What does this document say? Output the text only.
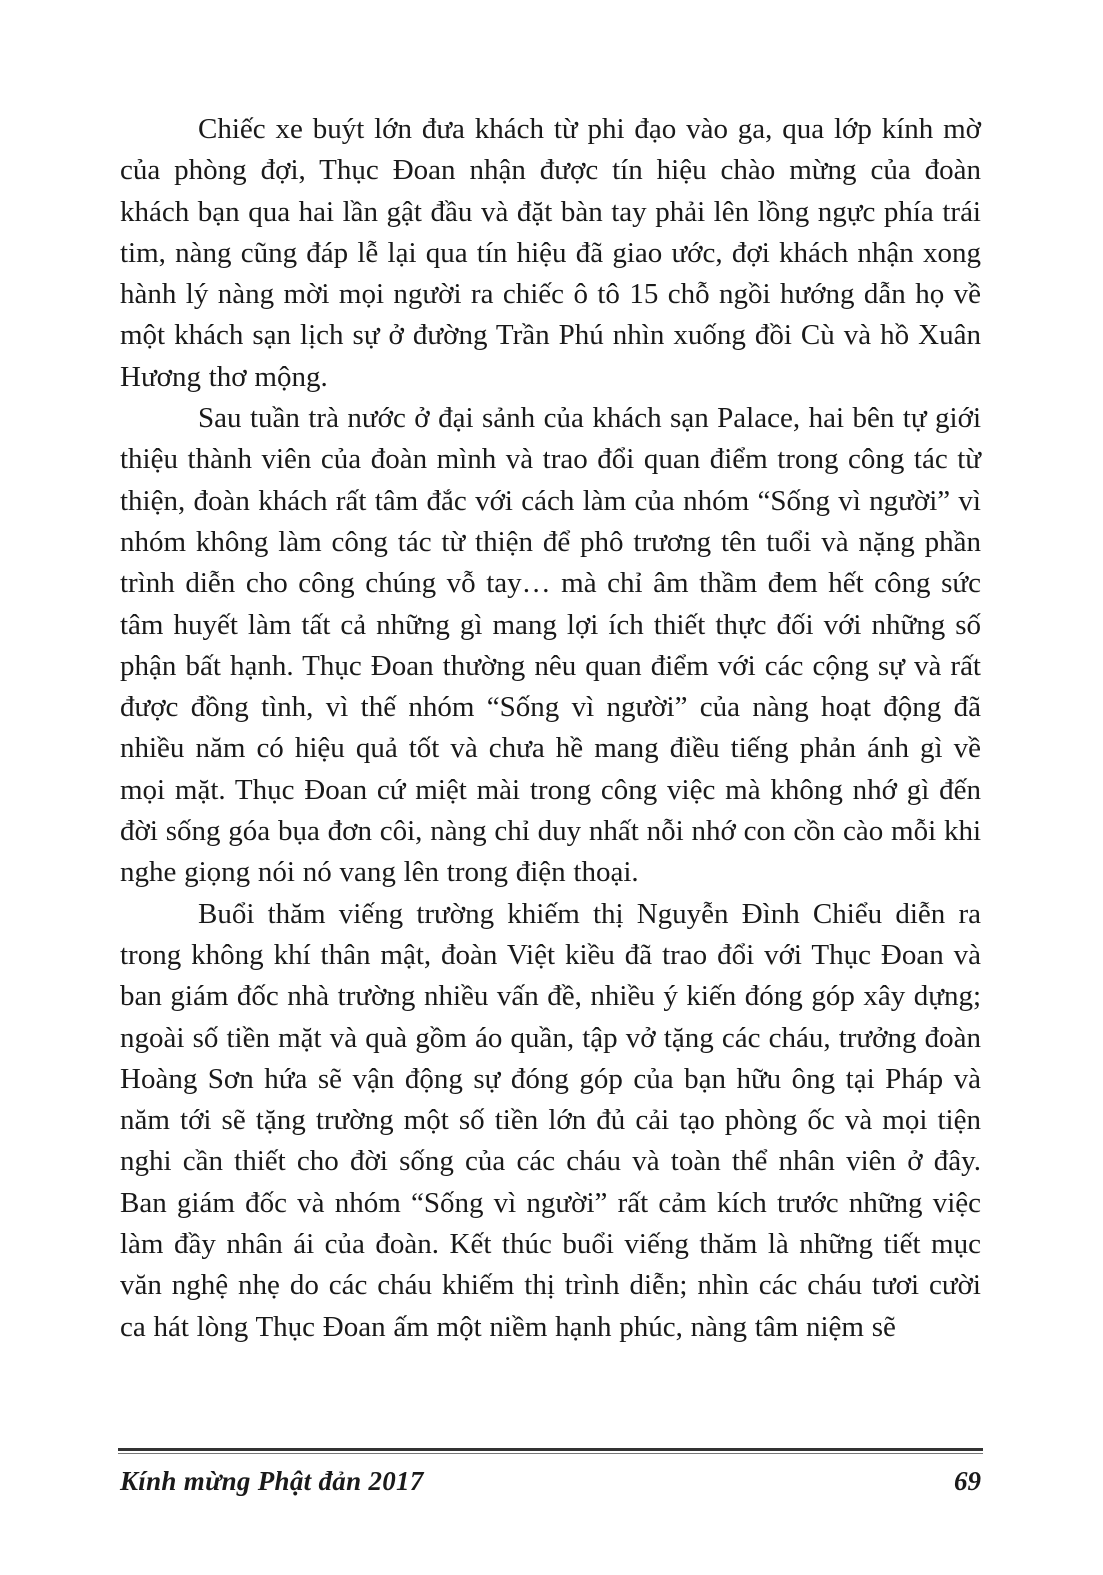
Chiếc xe buýt lớn đưa khách từ phi đạo vào ga, qua lớp kính mờ của phòng đợi, Thục Đoan nhận được tín hiệu chào mừng của đoàn khách bạn qua hai lần gật đầu và đặt bàn tay phải lên lồng ngực phía trái tim, nàng cũng đáp lễ lại qua tín hiệu đã giao ước, đợi khách nhận xong hành lý nàng mời mọi người ra chiếc ô tô 15 chỗ ngồi hướng dẫn họ về một khách sạn lịch sự ở đường Trần Phú nhìn xuống đồi Cù và hồ Xuân Hương thơ mộng.

Sau tuần trà nước ở đại sảnh của khách sạn Palace, hai bên tự giới thiệu thành viên của đoàn mình và trao đổi quan điểm trong công tác từ thiện, đoàn khách rất tâm đắc với cách làm của nhóm “Sống vì người” vì nhóm không làm công tác từ thiện để phô trương tên tuổi và nặng phần trình diễn cho công chúng vỗ tay… mà chỉ âm thầm đem hết công sức tâm huyết làm tất cả những gì mang lợi ích thiết thực đối với những số phận bất hạnh. Thục Đoan thường nêu quan điểm với các cộng sự và rất được đồng tình, vì thế nhóm “Sống vì người” của nàng hoạt động đã nhiều năm có hiệu quả tốt và chưa hề mang điều tiếng phản ánh gì về mọi mặt. Thục Đoan cứ miệt mài trong công việc mà không nhớ gì đến đời sống góa bụa đơn côi, nàng chỉ duy nhất nỗi nhớ con cồn cào mỗi khi nghe giọng nói nó vang lên trong điện thoại.

Buổi thăm viếng trường khiếm thị Nguyễn Đình Chiểu diễn ra trong không khí thân mật, đoàn Việt kiều đã trao đổi với Thục Đoan và ban giám đốc nhà trường nhiều vấn đề, nhiều ý kiến đóng góp xây dựng; ngoài số tiền mặt và quà gồm áo quần, tập vở tặng các cháu, trưởng đoàn Hoàng Sơn hứa sẽ vận động sự đóng góp của bạn hữu ông tại Pháp và năm tới sẽ tặng trường một số tiền lớn đủ cải tạo phòng ốc và mọi tiện nghi cần thiết cho đời sống của các cháu và toàn thể nhân viên ở đây. Ban giám đốc và nhóm “Sống vì người” rất cảm kích trước những việc làm đầy nhân ái của đoàn. Kết thúc buổi viếng thăm là những tiết mục văn nghệ nhẹ do các cháu khiếm thị trình diễn; nhìn các cháu tươi cười ca hát lòng Thục Đoan ấm một niềm hạnh phúc, nàng tâm niệm sẽ

Kính mừng Phật đản 2017	69
